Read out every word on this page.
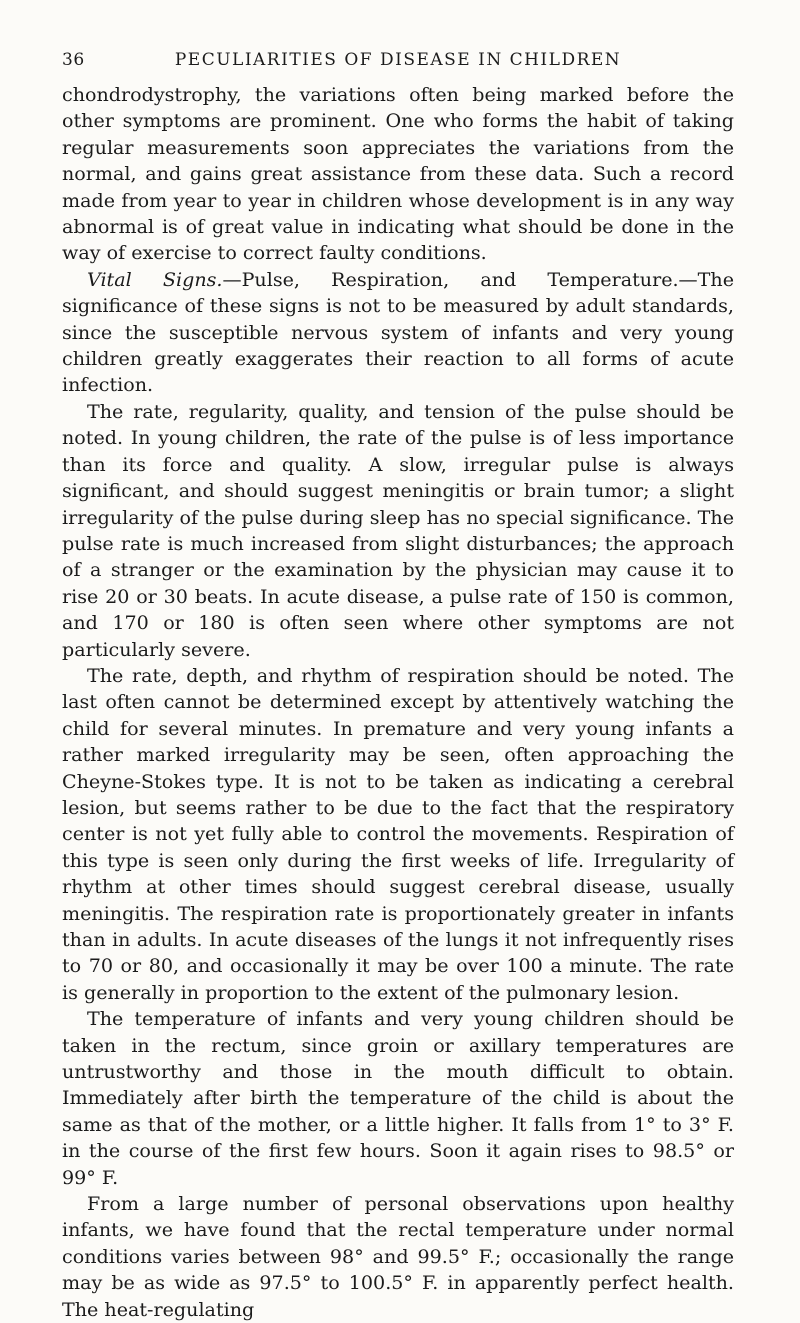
36	PECULIARITIES OF DISEASE IN CHILDREN

chondrodystrophy, the variations often being marked before the other symptoms are prominent. One who forms the habit of taking regular measurements soon appreciates the variations from the normal, and gains great assistance from these data. Such a record made from year to year in children whose development is in any way abnormal is of great value in indicating what should be done in the way of exercise to correct faulty conditions.

Vital Signs.—Pulse, Respiration, and Temperature.—The significance of these signs is not to be measured by adult standards, since the susceptible nervous system of infants and very young children greatly exaggerates their reaction to all forms of acute infection.

The rate, regularity, quality, and tension of the pulse should be noted. In young children, the rate of the pulse is of less importance than its force and quality. A slow, irregular pulse is always significant, and should suggest meningitis or brain tumor; a slight irregularity of the pulse during sleep has no special significance. The pulse rate is much increased from slight disturbances; the approach of a stranger or the examination by the physician may cause it to rise 20 or 30 beats. In acute disease, a pulse rate of 150 is common, and 170 or 180 is often seen where other symptoms are not particularly severe.

The rate, depth, and rhythm of respiration should be noted. The last often cannot be determined except by attentively watching the child for several minutes. In premature and very young infants a rather marked irregularity may be seen, often approaching the Cheyne-Stokes type. It is not to be taken as indicating a cerebral lesion, but seems rather to be due to the fact that the respiratory center is not yet fully able to control the movements. Respiration of this type is seen only during the first weeks of life. Irregularity of rhythm at other times should suggest cerebral disease, usually meningitis. The respiration rate is proportionately greater in infants than in adults. In acute diseases of the lungs it not infrequently rises to 70 or 80, and occasionally it may be over 100 a minute. The rate is generally in proportion to the extent of the pulmonary lesion.

The temperature of infants and very young children should be taken in the rectum, since groin or axillary temperatures are untrustworthy and those in the mouth difficult to obtain. Immediately after birth the temperature of the child is about the same as that of the mother, or a little higher. It falls from 1° to 3° F. in the course of the first few hours. Soon it again rises to 98.5° or 99° F.

From a large number of personal observations upon healthy infants, we have found that the rectal temperature under normal conditions varies between 98° and 99.5° F.; occasionally the range may be as wide as 97.5° to 100.5° F. in apparently perfect health. The heat-regulating
